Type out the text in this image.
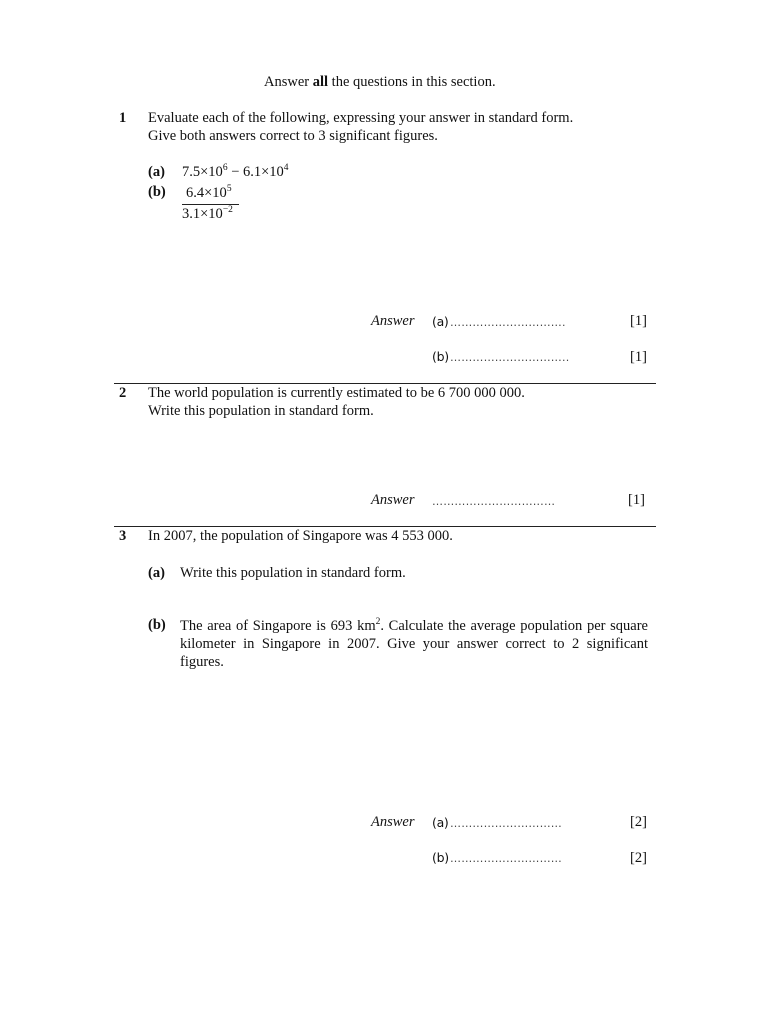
Answer all the questions in this section.
1 Evaluate each of the following, expressing your answer in standard form.
Give both answers correct to 3 significant figures.
(a) $7.5\times 10^6 - 6.1\times 10^4$
(b) $6.4\times 10^5$
$3.1\times 10^{-2}$
Answer (a) ………………………….	[1]
(b) …………………………..	[1]
2 The world population is currently estimated to be 6 700 000 000.
Write this population in standard form.
Answer ……………………………	[1]
3 In 2007, the population of Singapore was 4 553 000.
(a) Write this population in standard form.
(b) The area of Singapore is 693 $km^2$. Calculate the average population per square kilometer in Singapore in 2007. Give your answer correct to 2 significant figures.
Answer (a) …………………………	[2]
(b) …………………………	[2]
